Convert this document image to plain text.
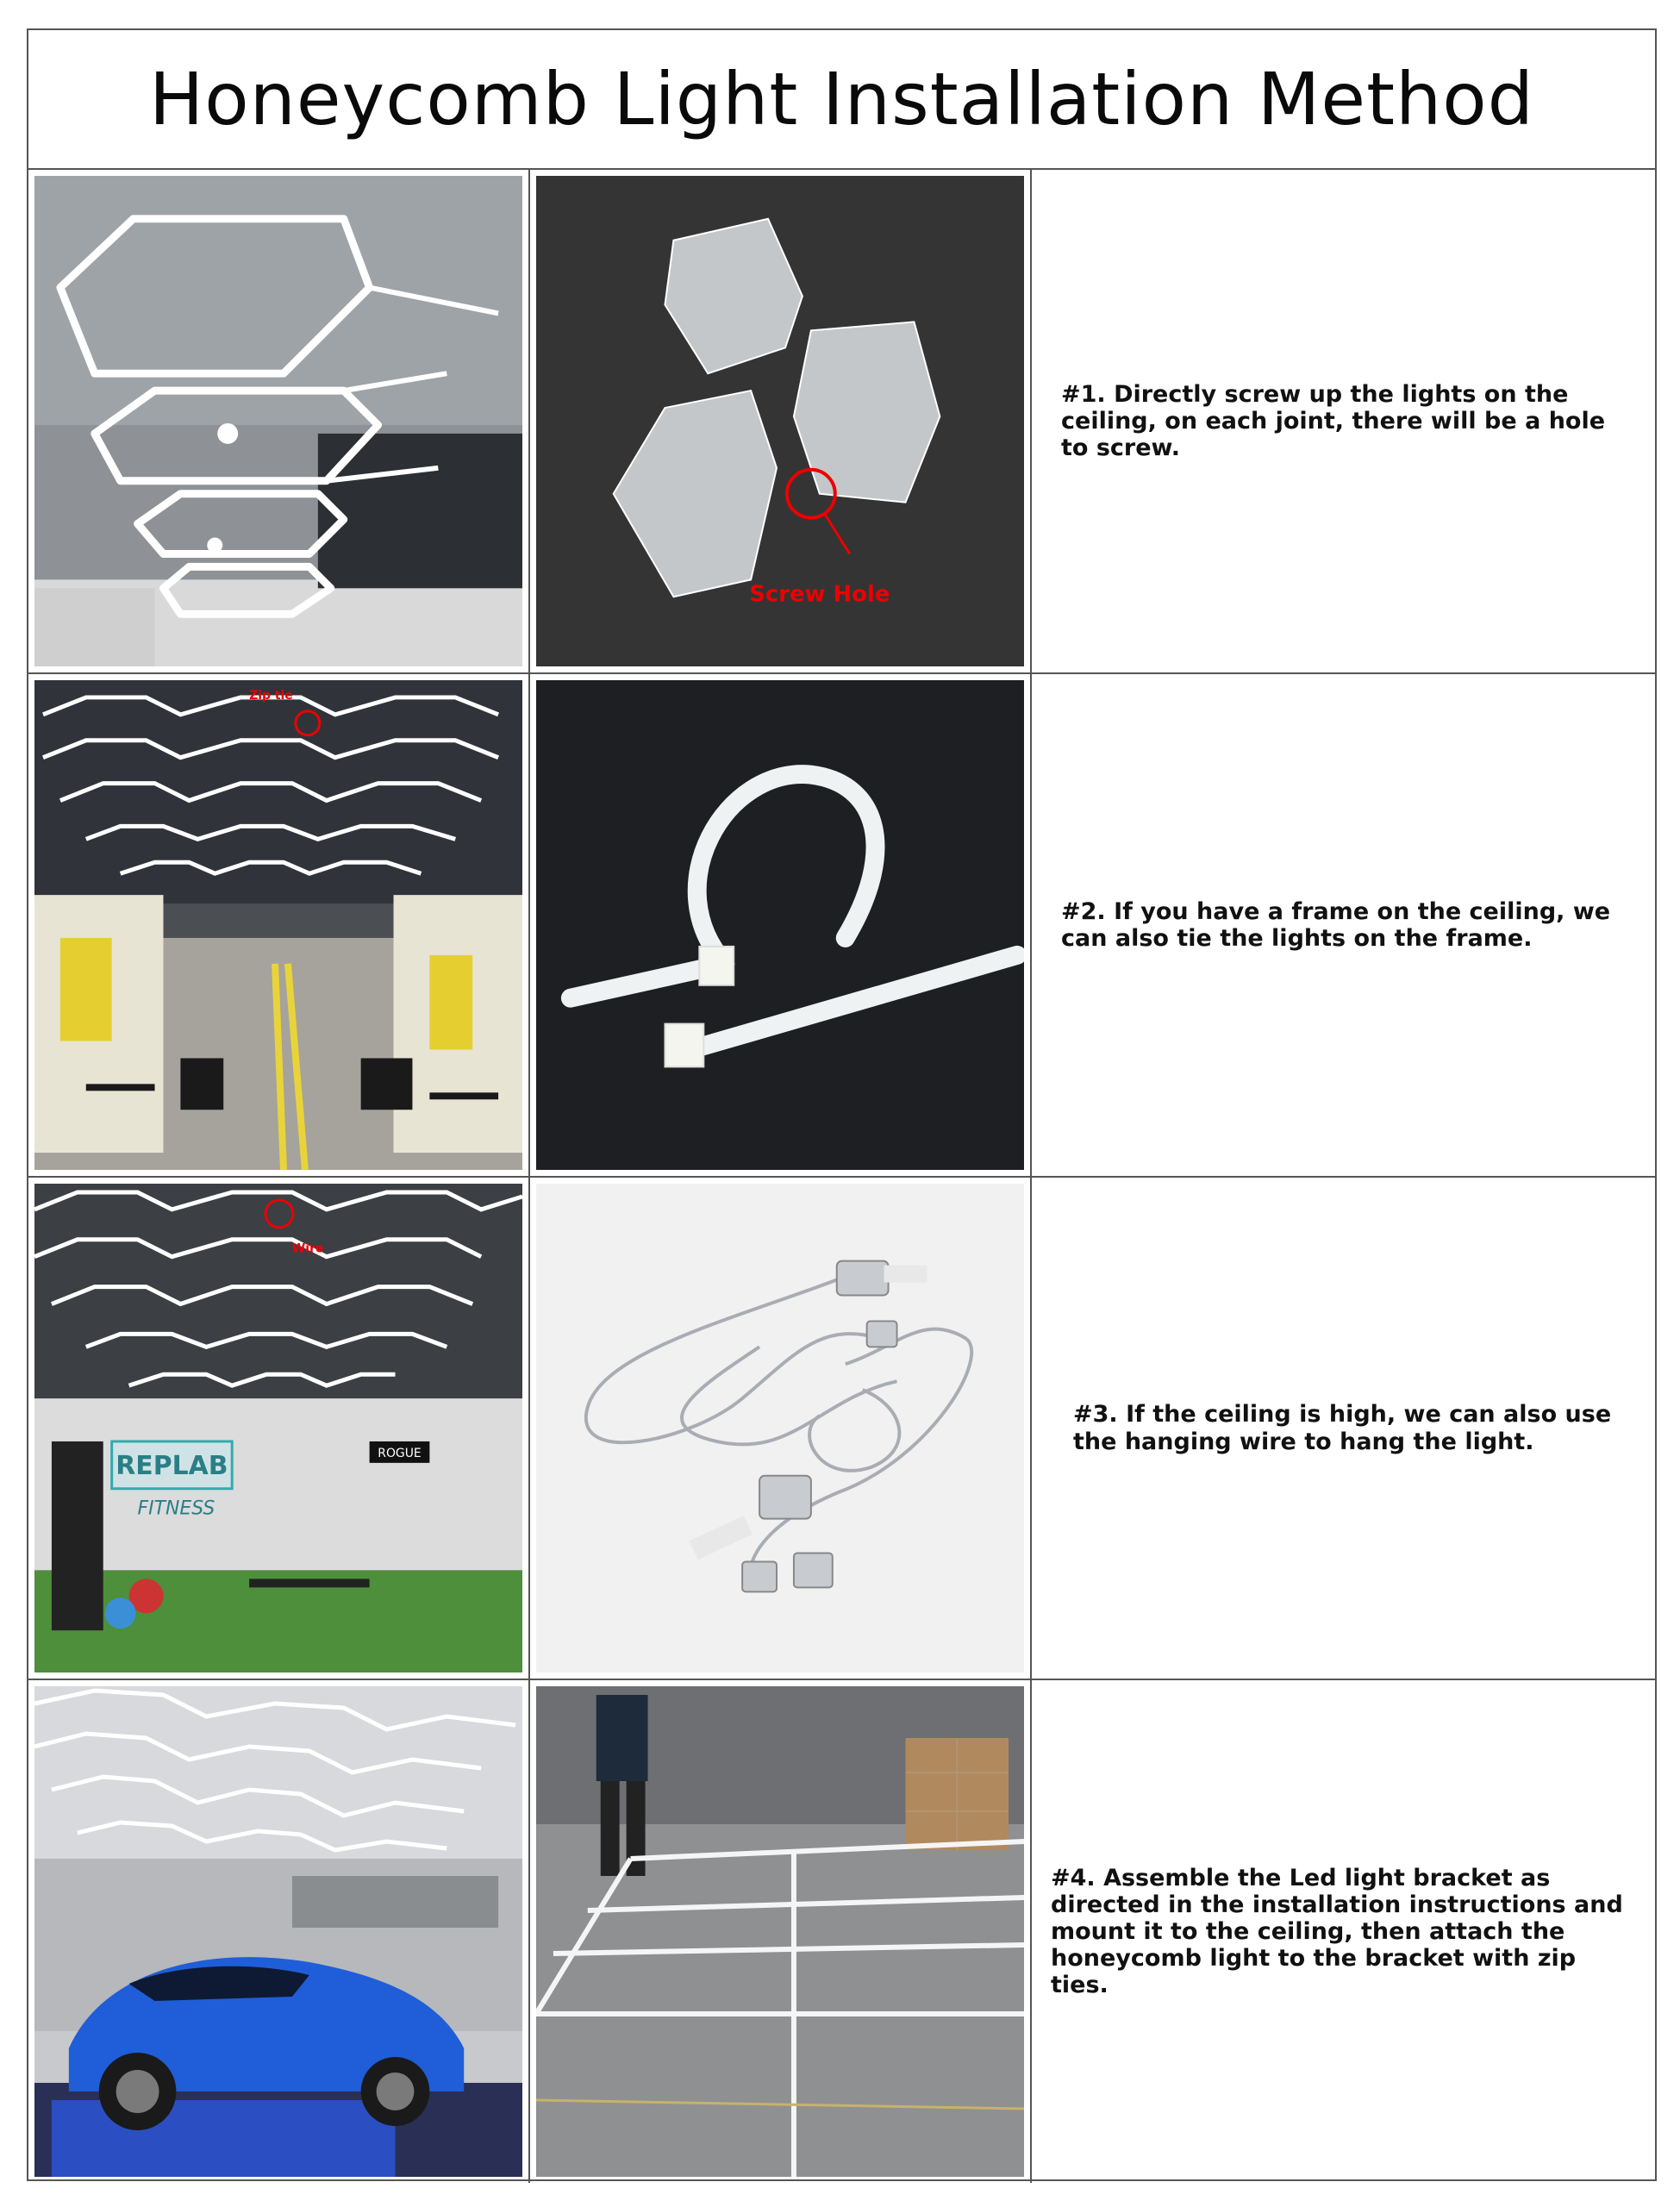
Honeycomb Light Installation Method
Screw Hole

#1. Directly screw up the lights on the ceiling, on each joint, there will be a hole to screw.

Zip tie

#2. If you have a frame on the ceiling, we can also tie the lights on the frame.

Wire
REPLAB
FITNESS
ROGUE

#3. If the ceiling is high, we can also use the hanging wire to hang the light.

#4. Assemble the Led light bracket as directed in the installation instructions and mount it to the ceiling, then attach the honeycomb light to the bracket with zip ties.
